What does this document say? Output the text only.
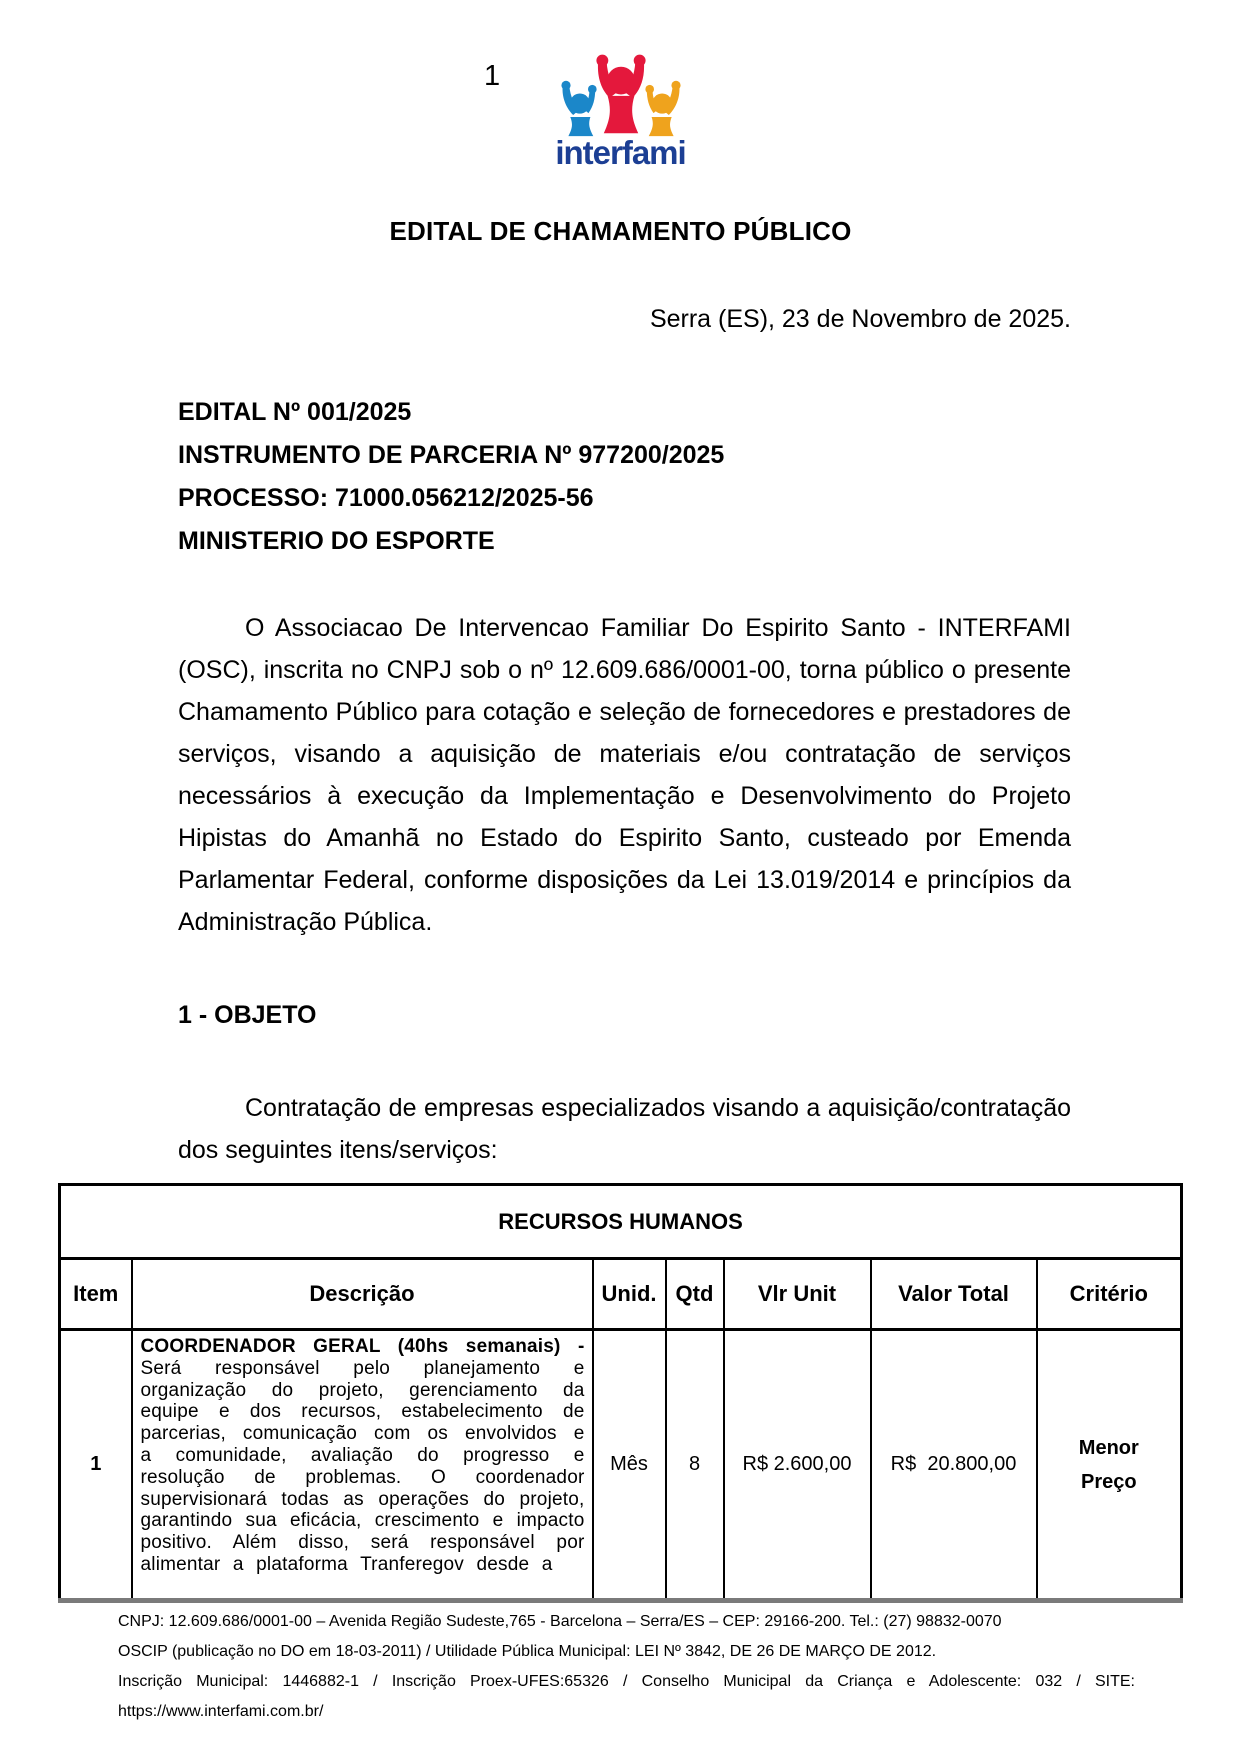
1
interfami
EDITAL DE CHAMAMENTO PÚBLICO
Serra (ES), 23 de Novembro de 2025.
EDITAL Nº 001/2025
INSTRUMENTO DE PARCERIA Nº 977200/2025
PROCESSO: 71000.056212/2025-56
MINISTERIO DO ESPORTE
O Associacao De Intervencao Familiar Do Espirito Santo - INTERFAMI (OSC), inscrita no CNPJ sob o nº 12.609.686/0001-00, torna público o presente Chamamento Público para cotação e seleção de fornecedores e prestadores de serviços, visando a aquisição de materiais e/ou contratação de serviços necessários à execução da Implementação e Desenvolvimento do Projeto Hipistas do Amanhã no Estado do Espirito Santo, custeado por Emenda Parlamentar Federal, conforme disposições da Lei 13.019/2014 e princípios da Administração Pública.
1 - OBJETO
Contratação de empresas especializados visando a aquisição/⁠contratação dos seguintes itens/⁠serviços:
RECURSOS HUMANOS						
Item	Descrição	Unid.	Qtd	Vlr Unit	Valor Total	Critério
1	COORDENADOR GERAL (40hs semanais) - Será responsável pelo planejamento e organização do projeto, gerenciamento da equipe e dos recursos, estabelecimento de parcerias, comunicação com os envolvidos e a comunidade, avaliação do progresso e resolução de problemas. O coordenador supervisionará todas as operações do projeto, garantindo sua eficácia, crescimento e impacto positivo. Além disso, será responsável por alimentar a plataforma Tranferegov desde a	Mês	8	R$ 2.600,00	R$  20.800,00	Menor Preço
CNPJ: 12.609.686/0001-00 – Avenida Região Sudeste,765 - Barcelona – Serra/ES – CEP: 29166-200. Tel.: (27) 98832-0070
OSCIP (publicação no DO em 18-03-2011) / Utilidade Pública Municipal: LEI Nº 3842, DE 26 DE MARÇO DE 2012.
Inscrição Municipal: 1446882-1 / Inscrição Proex-UFES:65326 / Conselho Municipal da Criança e Adolescente: 032 / SITE:
https://www.interfami.com.br/
